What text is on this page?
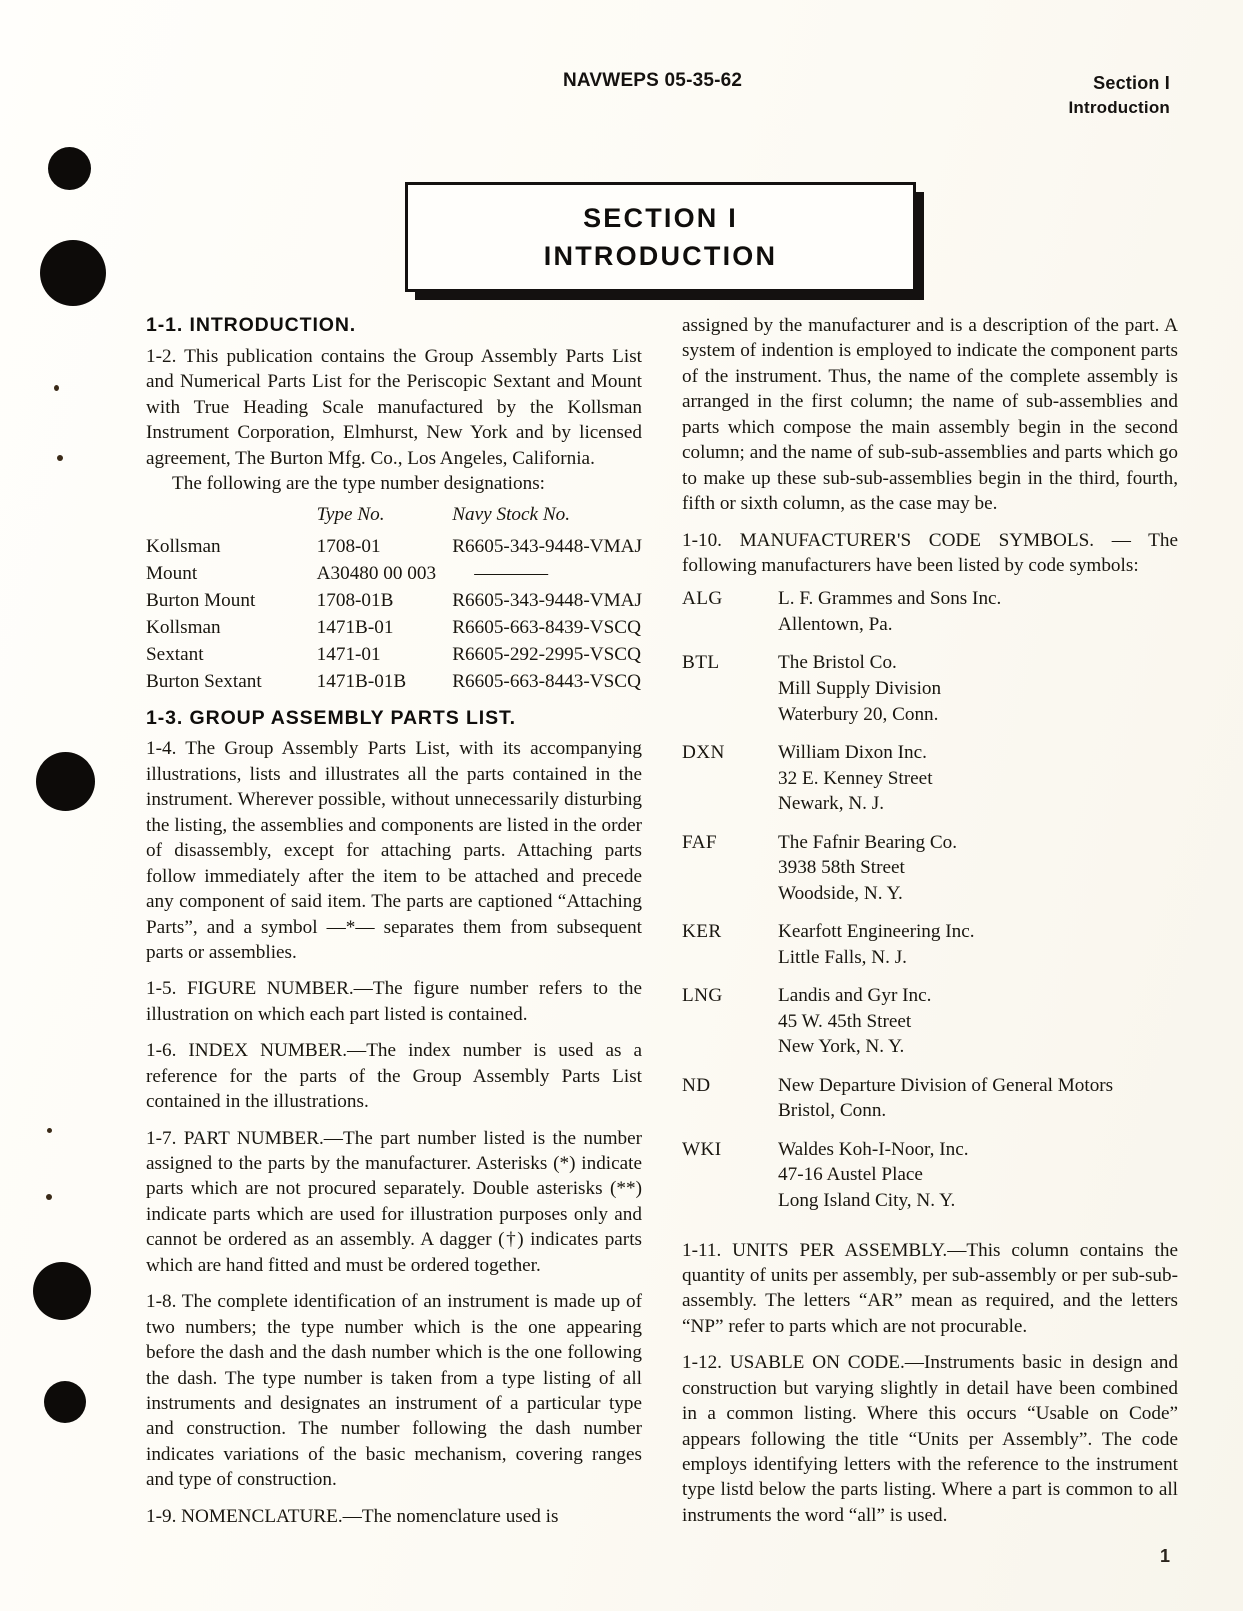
NAVWEPS 05-35-62	Section I
Introduction
SECTION I
INTRODUCTION
1-1. INTRODUCTION.

1-2. This publication contains the Group Assembly Parts List and Numerical Parts List for the Periscopic Sextant and Mount with True Heading Scale manufactured by the Kollsman Instrument Corporation, Elmhurst, New York and by licensed agreement, The Burton Mfg. Co., Los Angeles, California.

The following are the type number designations:

	Type No.	Navy Stock No.
Kollsman	1708-01	R6605-343-9448-VMAJ
Mount	A30480 00 003	————
Burton Mount	1708-01B	R6605-343-9448-VMAJ
Kollsman	1471B-01	R6605-663-8439-VSCQ
Sextant	1471-01	R6605-292-2995-VSCQ
Burton Sextant	1471B-01B	R6605-663-8443-VSCQ
1-3. GROUP ASSEMBLY PARTS LIST.

1-4. The Group Assembly Parts List, with its accompanying illustrations, lists and illustrates all the parts contained in the instrument. Wherever possible, without unnecessarily disturbing the listing, the assemblies and components are listed in the order of disassembly, except for attaching parts. Attaching parts follow immediately after the item to be attached and precede any component of said item. The parts are captioned “Attaching Parts”, and a symbol —*— separates them from subsequent parts or assemblies.

1-5. FIGURE NUMBER.—The figure number refers to the illustration on which each part listed is contained.

1-6. INDEX NUMBER.—The index number is used as a reference for the parts of the Group Assembly Parts List contained in the illustrations.

1-7. PART NUMBER.—The part number listed is the number assigned to the parts by the manufacturer. Asterisks (*) indicate parts which are not procured separately. Double asterisks (**) indicate parts which are used for illustration purposes only and cannot be ordered as an assembly. A dagger (†) indicates parts which are hand fitted and must be ordered together.

1-8. The complete identification of an instrument is made up of two numbers; the type number which is the one appearing before the dash and the dash number which is the one following the dash. The type number is taken from a type listing of all instruments and designates an instrument of a particular type and construction. The number following the dash number indicates variations of the basic mechanism, covering ranges and type of construction.

1-9. NOMENCLATURE.—The nomenclature used is

assigned by the manufacturer and is a description of the part. A system of indention is employed to indicate the component parts of the instrument. Thus, the name of the complete assembly is arranged in the first column; the name of sub-assemblies and parts which compose the main assembly begin in the second column; and the name of sub-sub-assemblies and parts which go to make up these sub-sub-assemblies begin in the third, fourth, fifth or sixth column, as the case may be.

1-10. MANUFACTURER'S CODE SYMBOLS. — The following manufacturers have been listed by code symbols:

ALG	L. F. Grammes and Sons Inc.
Allentown, Pa.

BTL	The Bristol Co.
Mill Supply Division
Waterbury 20, Conn.

DXN	William Dixon Inc.
32 E. Kenney Street
Newark, N. J.

FAF	The Fafnir Bearing Co.
3938 58th Street
Woodside, N. Y.

KER	Kearfott Engineering Inc.
Little Falls, N. J.

LNG	Landis and Gyr Inc.
45 W. 45th Street
New York, N. Y.

ND	New Departure Division of General Motors
Bristol, Conn.

WKI	Waldes Koh-I-Noor, Inc.
47-16 Austel Place
Long Island City, N. Y.

1-11. UNITS PER ASSEMBLY.—This column contains the quantity of units per assembly, per sub-assembly or per sub-sub-assembly. The letters “AR” mean as required, and the letters “NP” refer to parts which are not procurable.

1-12. USABLE ON CODE.—Instruments basic in design and construction but varying slightly in detail have been combined in a common listing. Where this occurs “Usable on Code” appears following the title “Units per Assembly”. The code employs identifying letters with the reference to the instrument type listd below the parts listing. Where a part is common to all instruments the word “all” is used.

1
